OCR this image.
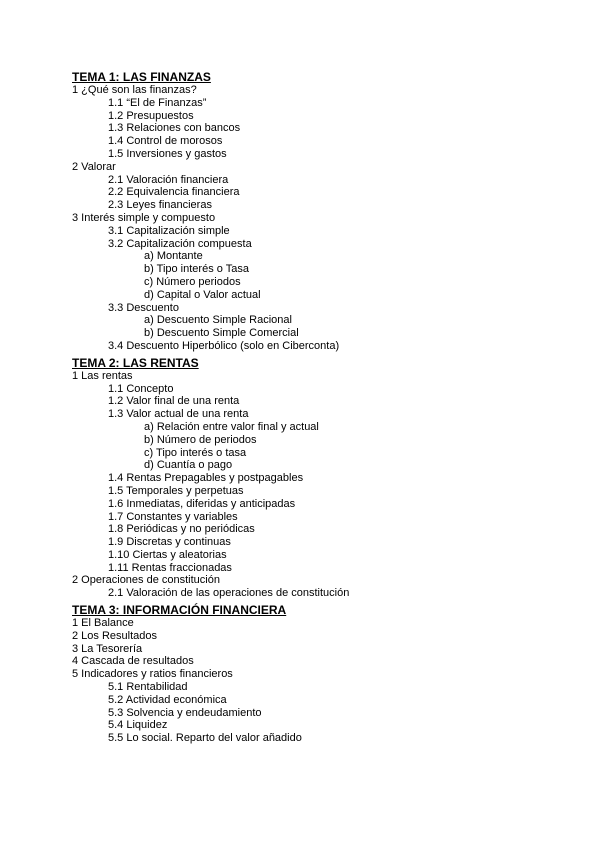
TEMA 1: LAS FINANZAS
1 ¿Qué son las finanzas?
1.1 “El de Finanzas”
1.2 Presupuestos
1.3 Relaciones con bancos
1.4 Control de morosos
1.5 Inversiones y gastos
2 Valorar
2.1 Valoración financiera
2.2 Equivalencia financiera
2.3 Leyes financieras
3 Interés simple y compuesto
3.1 Capitalización simple
3.2 Capitalización compuesta
a) Montante
b) Tipo interés o Tasa
c) Número periodos
d) Capital o Valor actual
3.3 Descuento
a) Descuento Simple Racional
b) Descuento Simple Comercial
3.4 Descuento Hiperbólico (solo en Ciberconta)
TEMA 2: LAS RENTAS
1 Las rentas
1.1 Concepto
1.2 Valor final de una renta
1.3 Valor actual de una renta
a) Relación entre valor final y actual
b) Número de periodos
c) Tipo interés o tasa
d) Cuantía o pago
1.4 Rentas Prepagables y postpagables
1.5 Temporales y perpetuas
1.6 Inmediatas, diferidas y anticipadas
1.7 Constantes y variables
1.8 Periódicas y no periódicas
1.9 Discretas y continuas
1.10 Ciertas y aleatorias
1.11 Rentas fraccionadas
2 Operaciones de constitución
2.1 Valoración de las operaciones de constitución
TEMA 3: INFORMACIÓN FINANCIERA
1 El Balance
2 Los Resultados
3 La Tesorería
4 Cascada de resultados
5 Indicadores y ratios financieros
5.1 Rentabilidad
5.2 Actividad económica
5.3 Solvencia y endeudamiento
5.4 Liquidez
5.5 Lo social. Reparto del valor añadido
